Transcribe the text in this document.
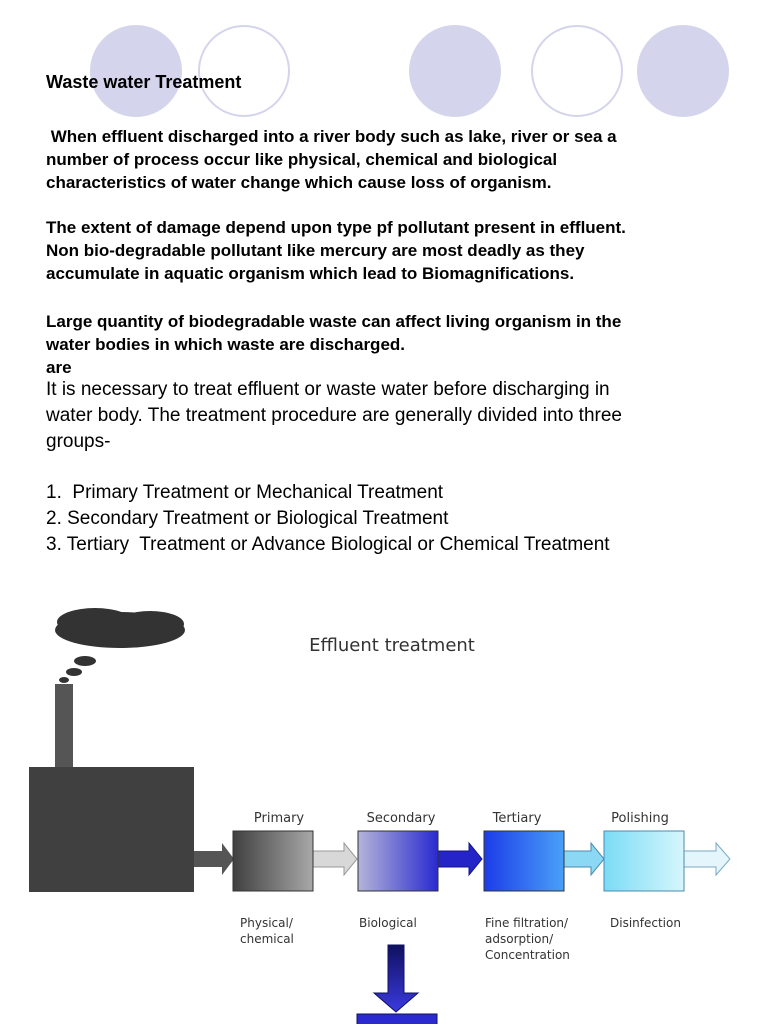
Waste water Treatment

When effluent discharged into a river body such as lake, river or sea a
number of process occur like physical, chemical and biological
characteristics of water change which cause loss of organism.

The extent of damage depend upon type pf pollutant present in effluent.
Non bio-degradable pollutant like mercury are most deadly as they
accumulate in aquatic organism which lead to Biomagnifications.

Large quantity of biodegradable waste can affect living organism in the
water bodies in which waste are discharged.
are

It is necessary to treat effluent or waste water before discharging in
water body. The treatment procedure are generally divided into three
groups-

1.  Primary Treatment or Mechanical Treatment
2. Secondary Treatment or Biological Treatment
3. Tertiary  Treatment or Advance Biological or Chemical Treatment
Effluent treatment
Primary	Secondary	Tertiary	Polishing
Physical/
chemical
Biological	Fine filtration/
adsorption/
Concentration
Disinfection
